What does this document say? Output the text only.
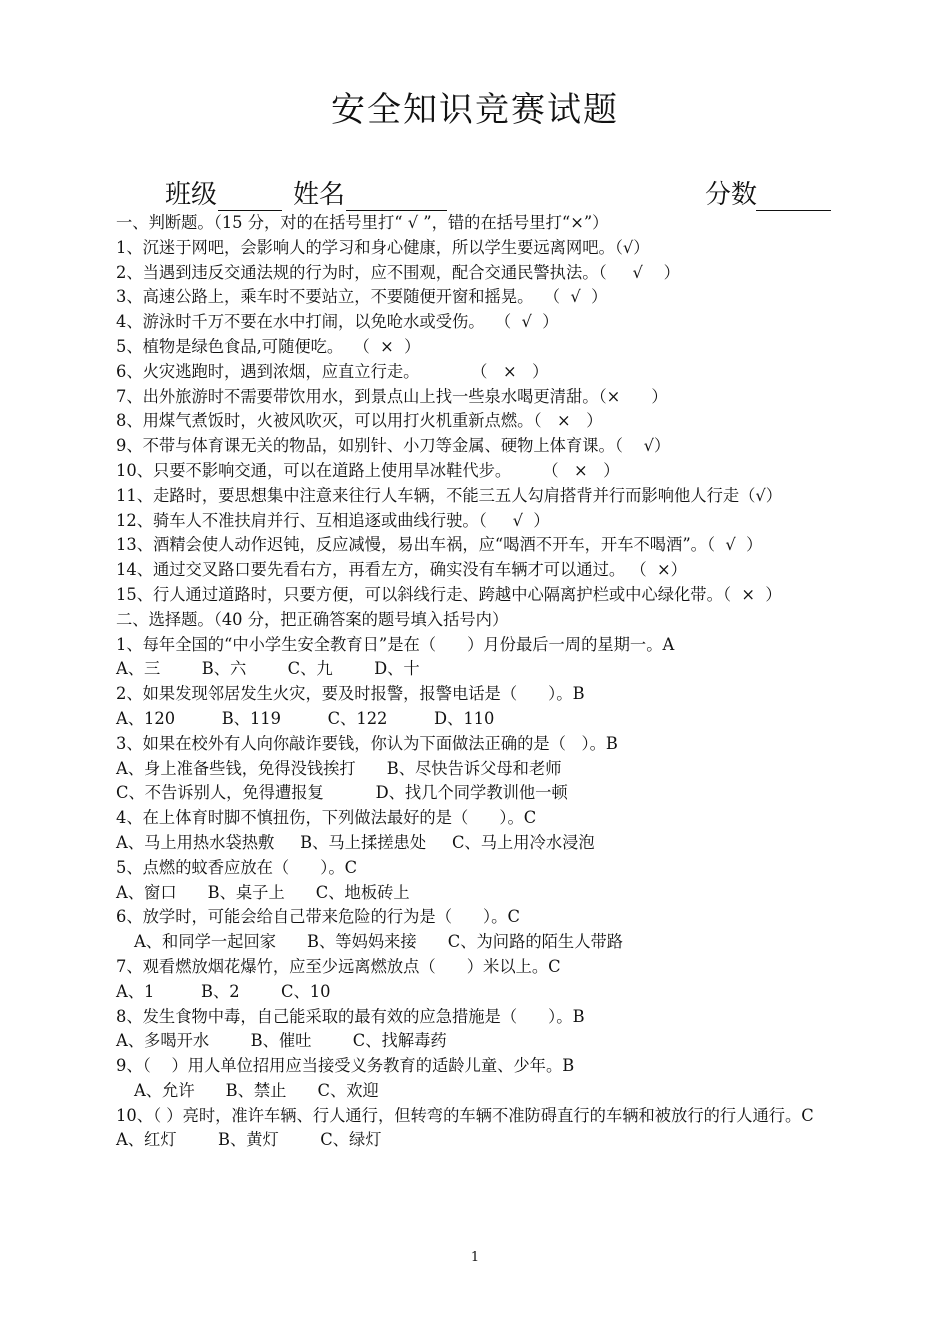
安全知识竞赛试题
班级	姓名	分数
一、判断题。（15 分，对的在括号里打“ √ ”，错的在括号里打“×”）
1、沉迷于网吧，会影响人的学习和身心健康，所以学生要远离网吧。（√）
2、当遇到违反交通法规的行为时，应不围观，配合交通民警执法。（     √    ）
3、高速公路上，乘车时不要站立，不要随便开窗和摇晃。  （  √  ）
4、游泳时千万不要在水中打闹，以免呛水或受伤。  （  √  ）
5、植物是绿色食品,可随便吃。  （  ×  ）
6、火灾逃跑时，遇到浓烟，应直立行走。          （   ×   ）
7、出外旅游时不需要带饮用水，到景点山上找一些泉水喝更清甜。（×      ）
8、用煤气煮饭时，火被风吹灭，可以用打火机重新点燃。（   ×   ）
9、不带与体育课无关的物品，如别针、小刀等金属、硬物上体育课。（    √）
10、只要不影响交通，可以在道路上使用旱冰鞋代步。      （   ×   ）
11、走路时，要思想集中注意来往行人车辆，不能三五人勾肩搭背并行而影响他人行走（√）
12、骑车人不准扶肩并行、互相追逐或曲线行驶。（     √  ）
13、酒精会使人动作迟钝，反应减慢，易出车祸，应“喝酒不开车，开车不喝酒”。（  √  ）
14、通过交叉路口要先看右方，再看左方，确实没有车辆才可以通过。 （  ×）
15、行人通过道路时，只要方便，可以斜线行走、跨越中心隔离护栏或中心绿化带。（  ×  ）
二、选择题。（40 分，把正确答案的题号填入括号内）
1、每年全国的“中小学生安全教育日”是在（      ）月份最后一周的星期一。A
A、三        B、六        C、九        D、十
2、如果发现邻居发生火灾，要及时报警，报警电话是（      ）。B
A、120         B、119         C、122         D、110
3、如果在校外有人向你敲诈要钱，你认为下面做法正确的是（   ）。B
A、身上准备些钱，免得没钱挨打      B、尽快告诉父母和老师
C、不告诉别人，免得遭报复          D、找几个同学教训他一顿
4、在上体育时脚不慎扭伤，下列做法最好的是（      ）。C
A、马上用热水袋热敷     B、马上揉搓患处     C、马上用冷水浸泡
5、点燃的蚊香应放在（      ）。C
A、窗口      B、桌子上      C、地板砖上
6、放学时，可能会给自己带来危险的行为是（      ）。C
A、和同学一起回家      B、等妈妈来接      C、为问路的陌生人带路
7、观看燃放烟花爆竹，应至少远离燃放点（      ）米以上。C
A、1         B、2        C、10
8、发生食物中毒，自己能采取的最有效的应急措施是（      ）。B
A、多喝开水        B、催吐        C、找解毒药
9、（    ）用人单位招用应当接受义务教育的适龄儿童、少年。B
A、允许      B、禁止      C、欢迎
10、（ ）亮时，准许车辆、行人通行，但转弯的车辆不准防碍直行的车辆和被放行的行人通行。C
A、红灯        B、黄灯        C、绿灯
1
